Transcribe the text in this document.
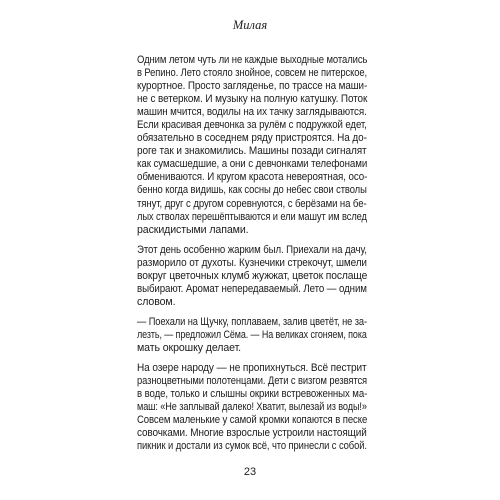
Милая

Одним летом чуть ли не каждые выходные мотались
в Репино. Лето стояло знойное, совсем не питерское,
курортное. Просто загляденье, по трассе на маши-
не с ветерком. И музыку на полную катушку. Поток
машин мчится, водилы на их тачку заглядываются.
Если красивая девчонка за рулём с подружкой едет,
обязательно в соседнем ряду пристроятся. На до-
роге так и знакомились. Машины позади сигналят
как сумасшедшие, а они с девчонками телефонами
обмениваются. И кругом красота невероятная, осо-
бенно когда видишь, как сосны до небес свои стволы
тянут, друг с другом соревнуются, с берёзами на бе-
лых стволах перешёптываются и ели машут им вслед
раскидистыми лапами.

Этот день особенно жарким был. Приехали на дачу,
разморило от духоты. Кузнечики стрекочут, шмели
вокруг цветочных клумб жужжат, цветок послаще
выбирают. Аромат непередаваемый. Лето — одним
словом.

— Поехали на Щучку, поплаваем, залив цветёт, не за-
лезть, — предложил Сёма. — На великах сгоняем, пока
мать окрошку делает.

На озере народу — не пропихнуться. Всё пестрит
разноцветными полотенцами. Дети с визгом резвятся
в воде, только и слышны окрики встревоженных ма-
маш: «Не заплывай далеко! Хватит, вылезай из воды!»
Совсем маленькие у самой кромки копаются в песке
совочками. Многие взрослые устроили настоящий
пикник и достали из сумок всё, что принесли с собой.

23
